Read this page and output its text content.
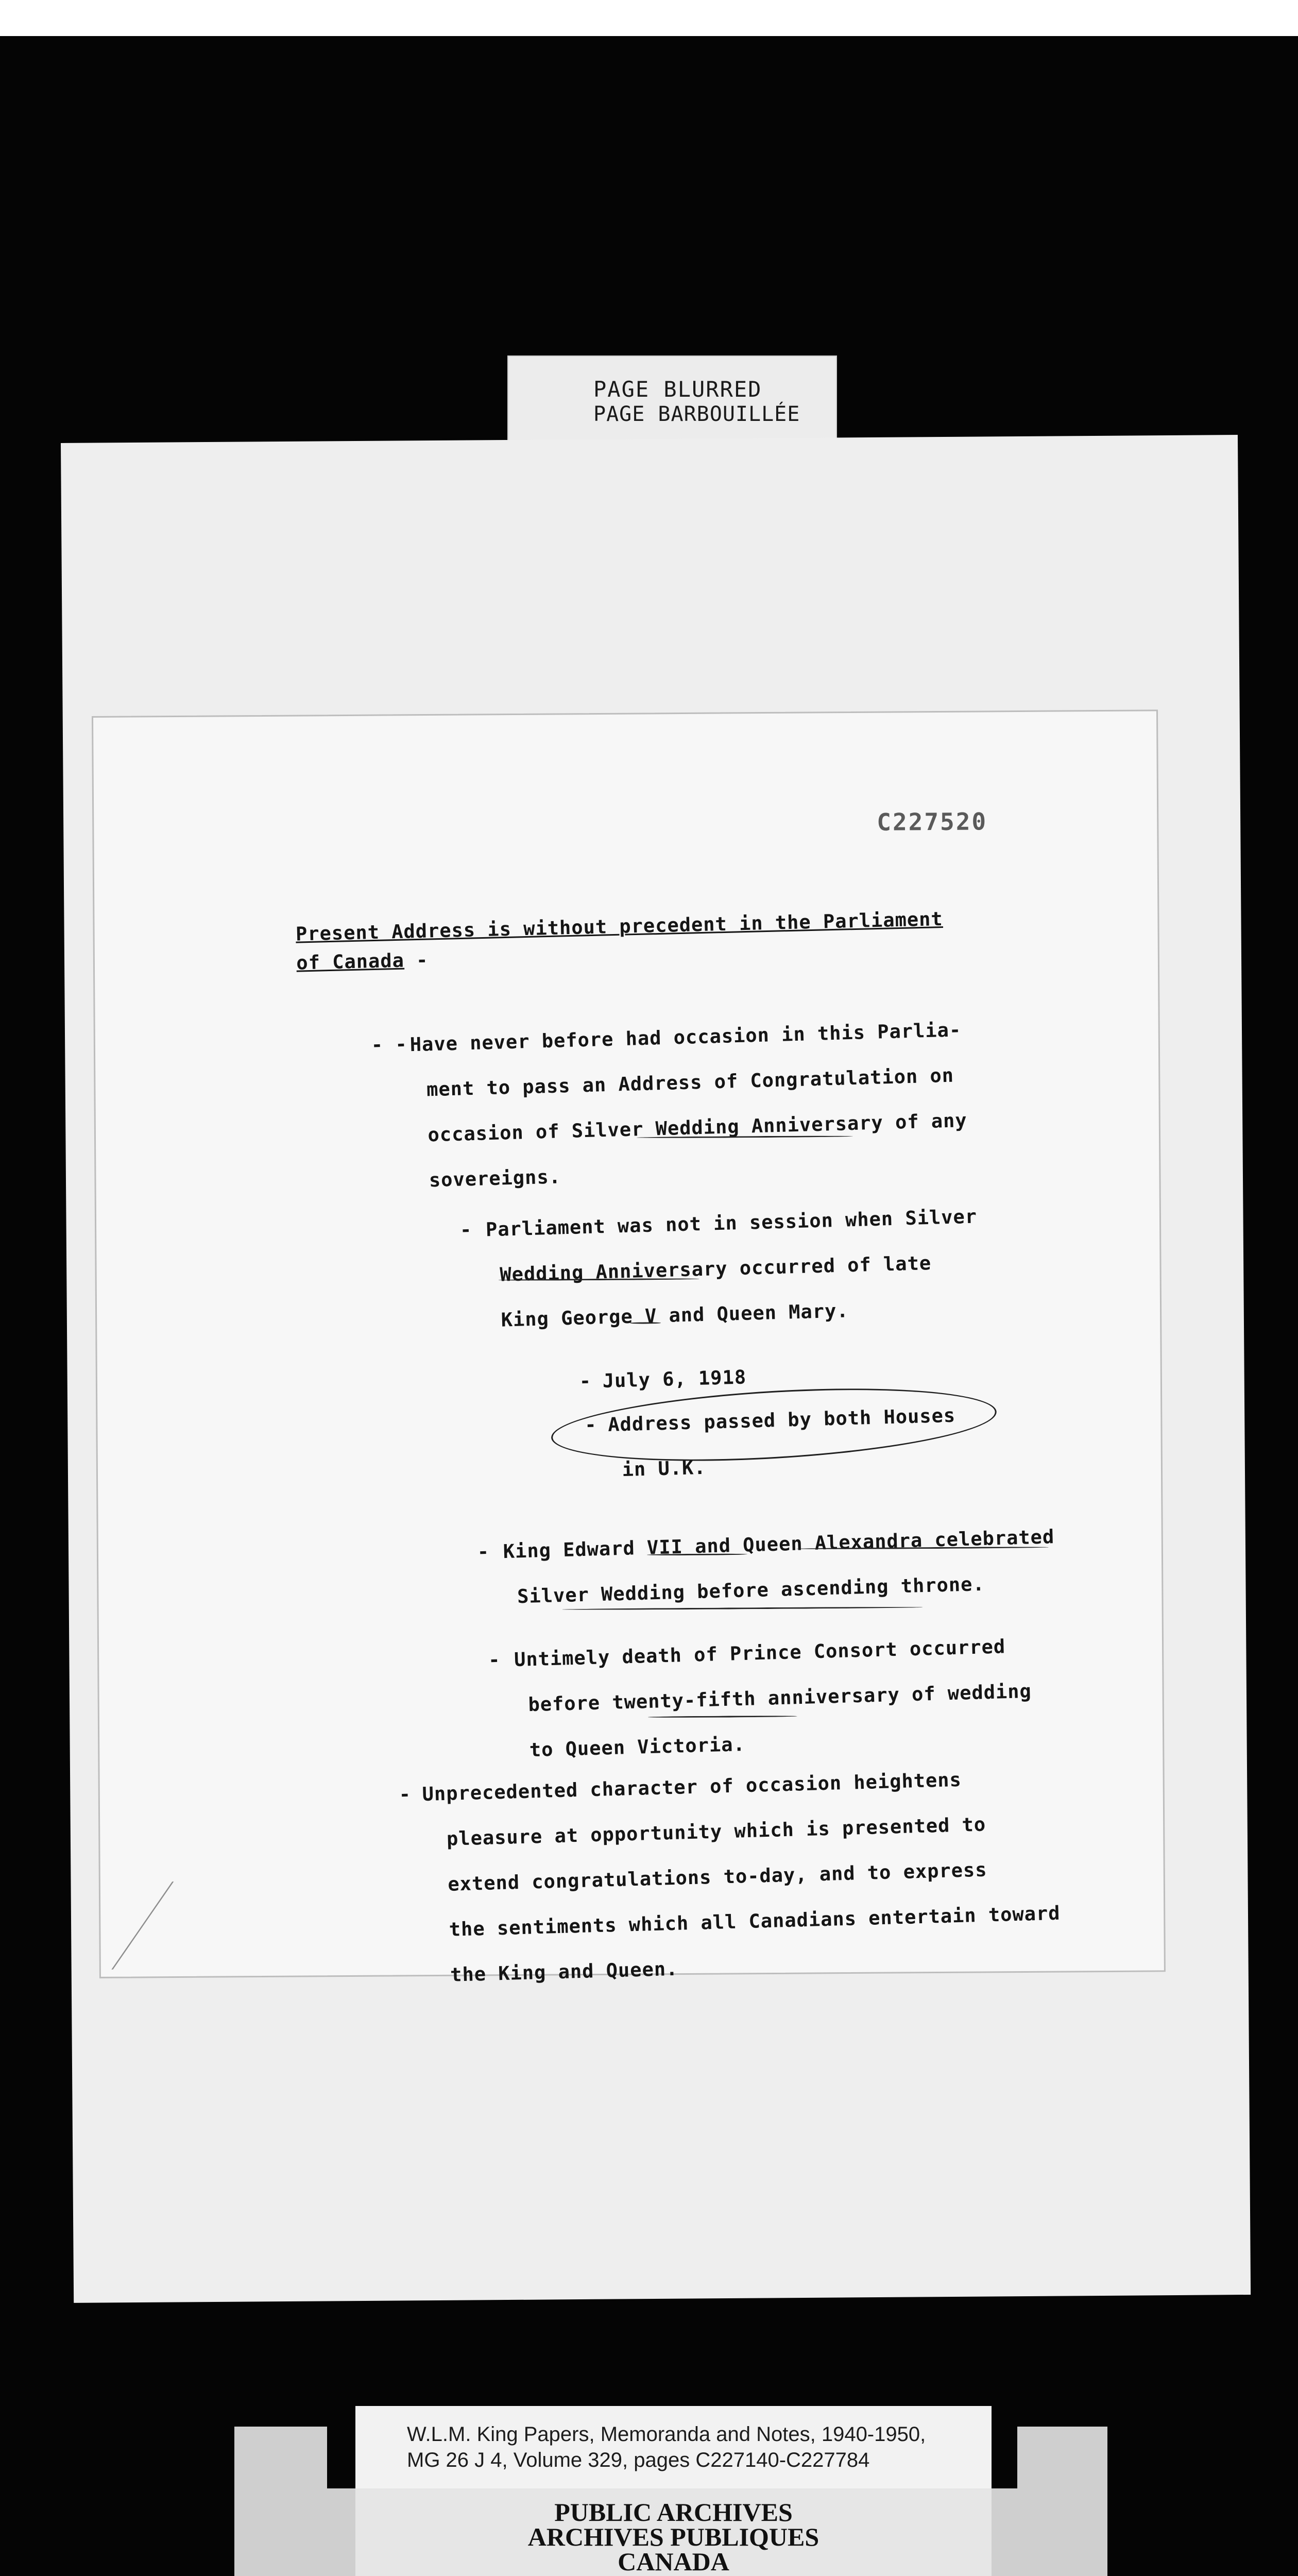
PAGE BLURRED
PAGE BARBOUILLÉE
C227520
Present Address is without precedent in the Parliament
of Canada -
- - Have never before had occasion in this Parlia-
ment to pass an Address of Congratulation on
occasion of Silver Wedding Anniversary of any
sovereigns.
- Parliament was not in session when Silver
Wedding Anniversary occurred of late
King George V and Queen Mary.
- July 6, 1918
- Address passed by both Houses
in U.K.
- King Edward VII and Queen Alexandra celebrated
Silver Wedding before ascending throne.
- Untimely death of Prince Consort occurred
before twenty-fifth anniversary of wedding
to Queen Victoria.
- Unprecedented character of occasion heightens
pleasure at opportunity which is presented to
extend congratulations to-day, and to express
the sentiments which all Canadians entertain toward
the King and Queen.
W.L.M. King Papers, Memoranda and Notes, 1940-1950,
MG 26 J 4, Volume 329, pages C227140-C227784
PUBLIC ARCHIVES
ARCHIVES PUBLIQUES
CANADA
